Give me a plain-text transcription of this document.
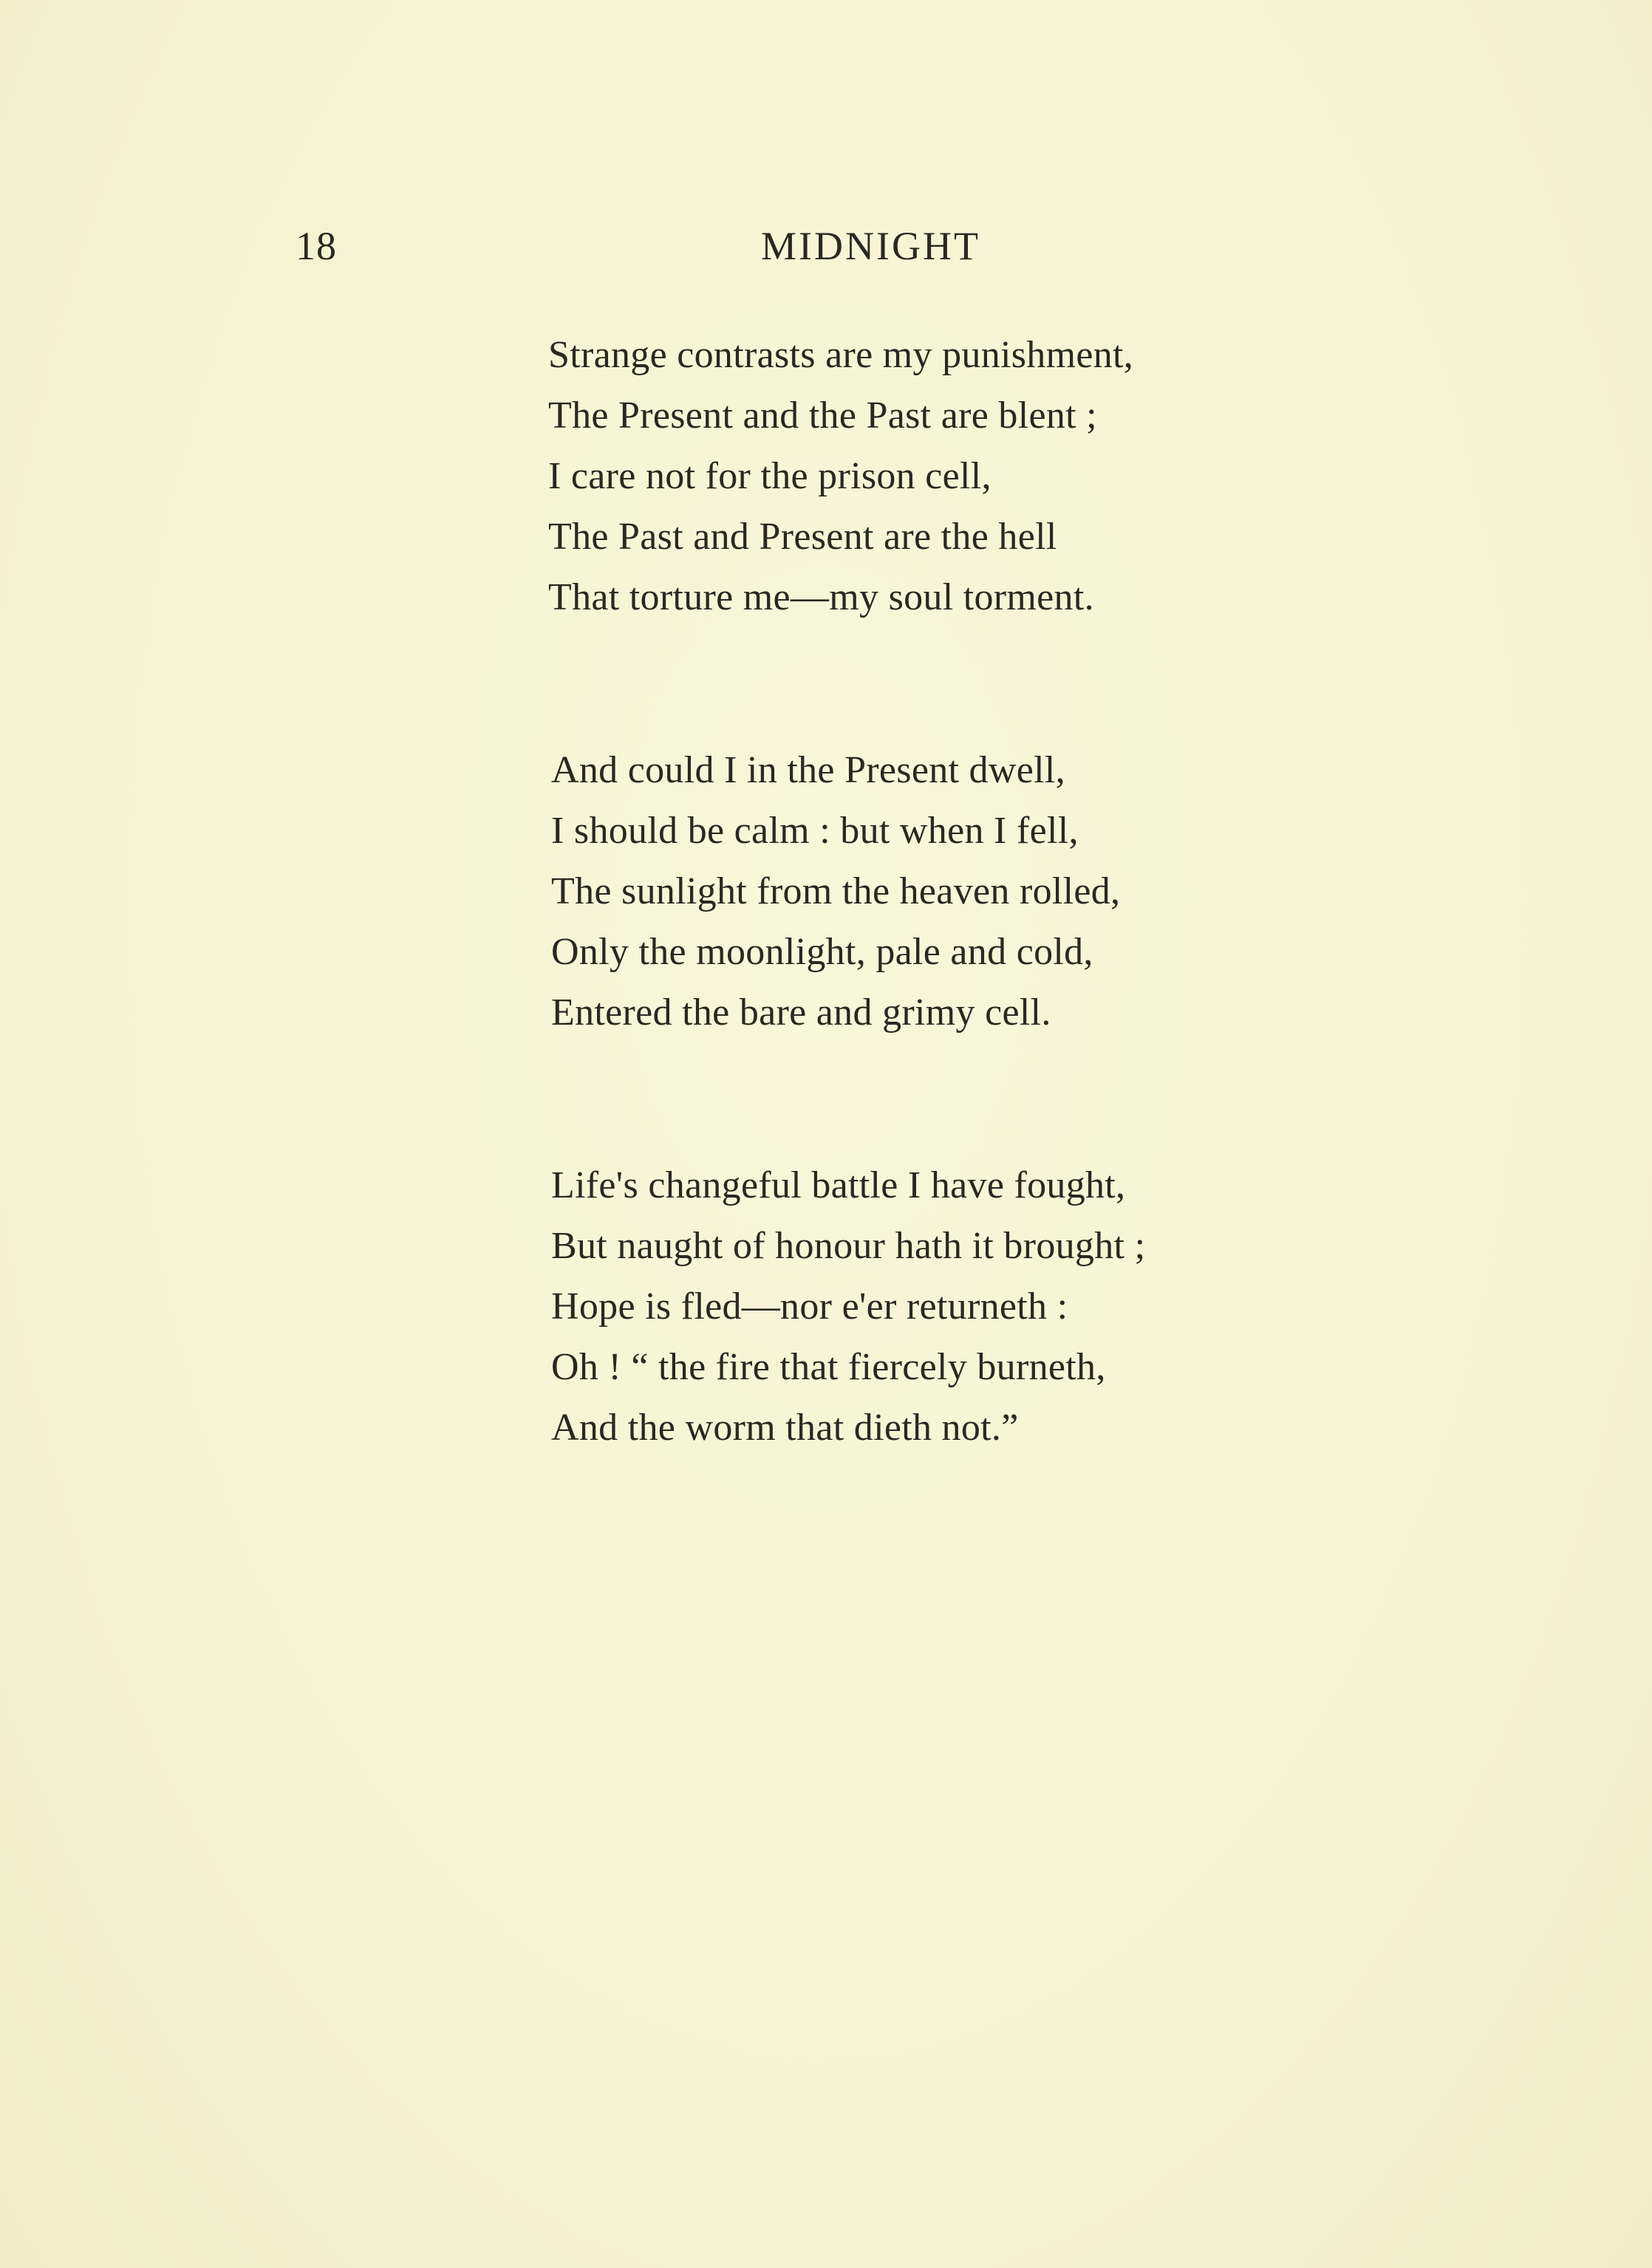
18	MIDNIGHT
Strange contrasts are my punishment,
The Present and the Past are blent ;
I care not for the prison cell,
The Past and Present are the hell
That torture me—my soul torment.
And could I in the Present dwell,
I should be calm : but when I fell,
The sunlight from the heaven rolled,
Only the moonlight, pale and cold,
Entered the bare and grimy cell.
Life's changeful battle I have fought,
But naught of honour hath it brought ;
Hope is fled—nor e'er returneth :
Oh ! “ the fire that fiercely burneth,
And the worm that dieth not.”
